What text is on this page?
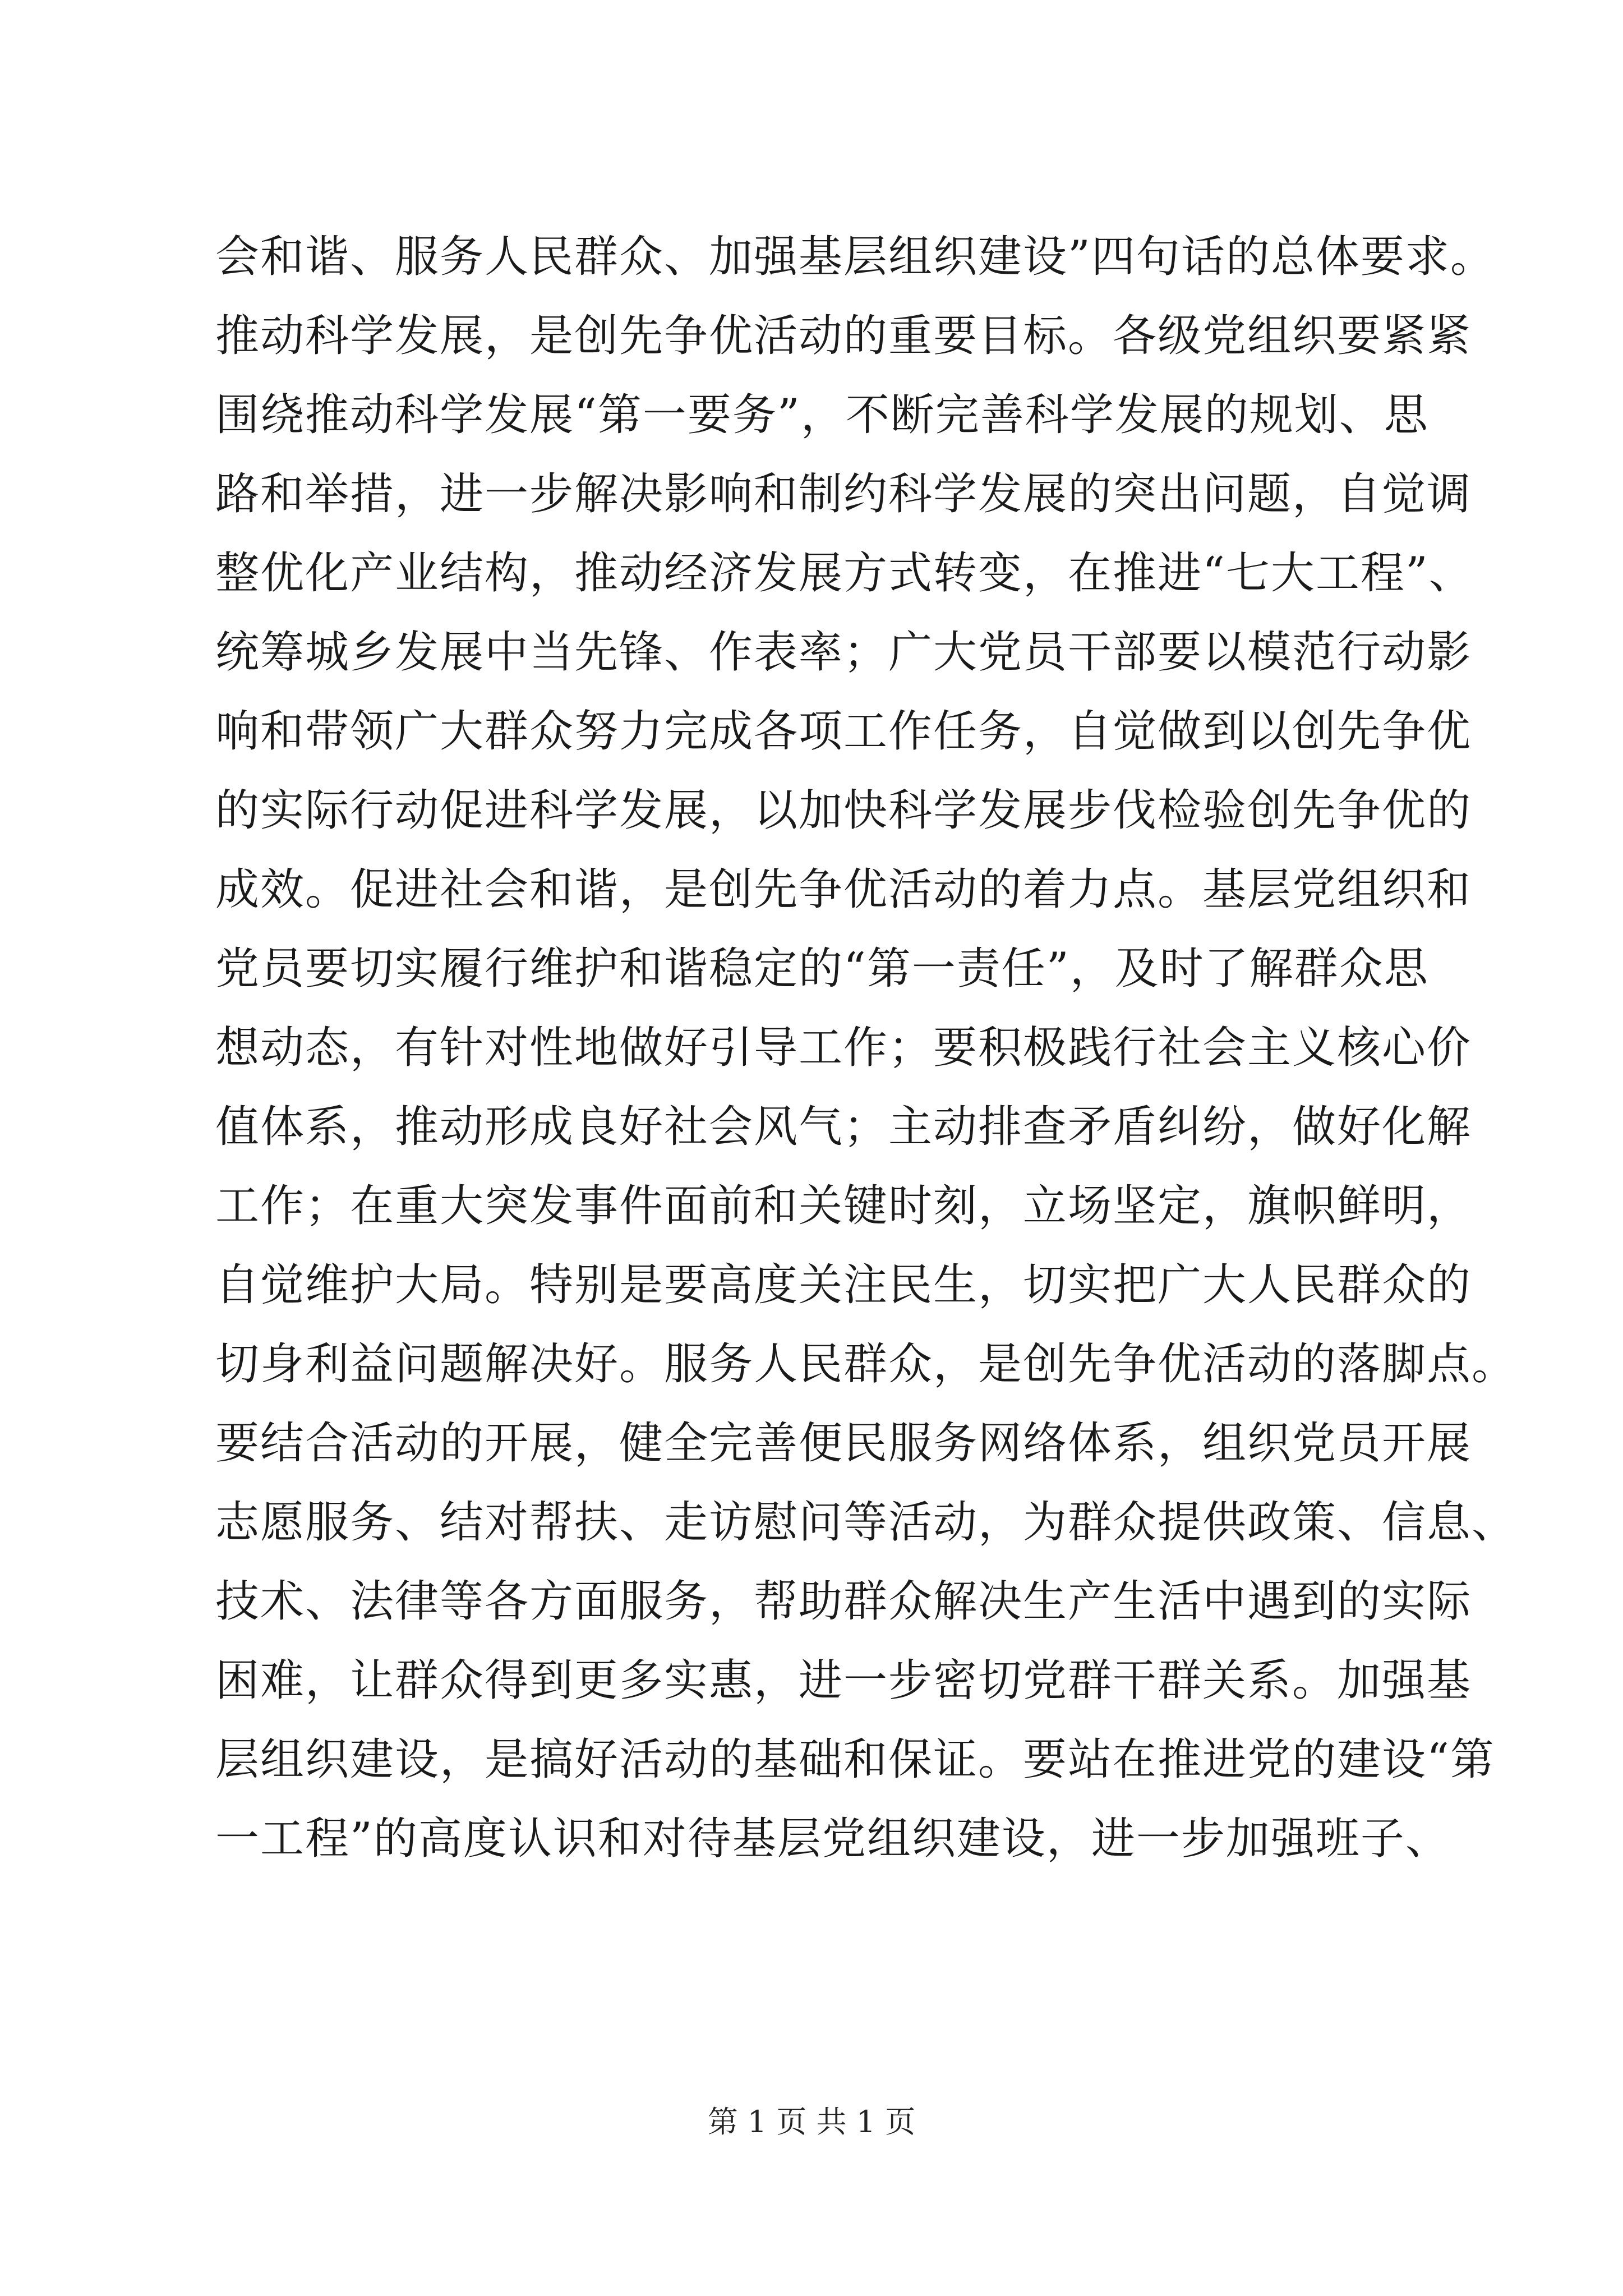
会和谐、服务人民群众、加强基层组织建设”四句话的总体要求。
推动科学发展，是创先争优活动的重要目标。各级党组织要紧紧
围绕推动科学发展“第一要务”，不断完善科学发展的规划、思
路和举措，进一步解决影响和制约科学发展的突出问题，自觉调
整优化产业结构，推动经济发展方式转变，在推进“七大工程”、
统筹城乡发展中当先锋、作表率；广大党员干部要以模范行动影
响和带领广大群众努力完成各项工作任务，自觉做到以创先争优
的实际行动促进科学发展，以加快科学发展步伐检验创先争优的
成效。促进社会和谐，是创先争优活动的着力点。基层党组织和
党员要切实履行维护和谐稳定的“第一责任”，及时了解群众思
想动态，有针对性地做好引导工作；要积极践行社会主义核心价
值体系，推动形成良好社会风气；主动排查矛盾纠纷，做好化解
工作；在重大突发事件面前和关键时刻，立场坚定，旗帜鲜明，
自觉维护大局。特别是要高度关注民生，切实把广大人民群众的
切身利益问题解决好。服务人民群众，是创先争优活动的落脚点。
要结合活动的开展，健全完善便民服务网络体系，组织党员开展
志愿服务、结对帮扶、走访慰问等活动，为群众提供政策、信息、
技术、法律等各方面服务，帮助群众解决生产生活中遇到的实际
困难，让群众得到更多实惠，进一步密切党群干群关系。加强基
层组织建设，是搞好活动的基础和保证。要站在推进党的建设“第
一工程”的高度认识和对待基层党组织建设，进一步加强班子、
第 1 页 共 1 页
